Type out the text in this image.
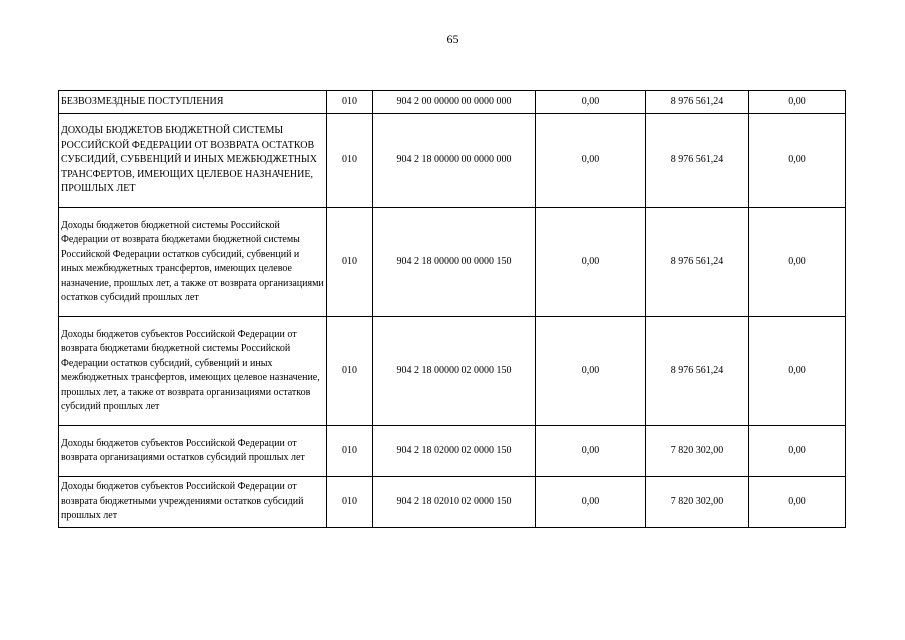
65
БЕЗВОЗМЕЗДНЫЕ ПОСТУПЛЕНИЯ	010	904 2 00 00000 00 0000 000	0,00	8 976 561,24	0,00
ДОХОДЫ БЮДЖЕТОВ БЮДЖЕТНОЙ СИСТЕМЫ РОССИЙСКОЙ ФЕДЕРАЦИИ ОТ ВОЗВРАТА ОСТАТКОВ СУБСИДИЙ, СУБВЕНЦИЙ И ИНЫХ МЕЖБЮДЖЕТНЫХ ТРАНСФЕРТОВ, ИМЕЮЩИХ ЦЕЛЕВОЕ НАЗНАЧЕНИЕ, ПРОШЛЫХ ЛЕТ	010	904 2 18 00000 00 0000 000	0,00	8 976 561,24	0,00
Доходы бюджетов бюджетной системы Российской Федерации от возврата бюджетами бюджетной системы Российской Федерации остатков субсидий, субвенций и иных межбюджетных трансфертов, имеющих целевое назначение, прошлых лет, а также от возврата организациями остатков субсидий прошлых лет	010	904 2 18 00000 00 0000 150	0,00	8 976 561,24	0,00
Доходы бюджетов субъектов Российской Федерации от возврата бюджетами бюджетной системы Российской Федерации остатков субсидий, субвенций и иных межбюджетных трансфертов, имеющих целевое назначение, прошлых лет, а также от возврата организациями остатков субсидий прошлых лет	010	904 2 18 00000 02 0000 150	0,00	8 976 561,24	0,00
Доходы бюджетов субъектов Российской Федерации от возврата организациями остатков субсидий прошлых лет	010	904 2 18 02000 02 0000 150	0,00	7 820 302,00	0,00
Доходы бюджетов субъектов Российской Федерации от возврата бюджетными учреждениями остатков субсидий прошлых лет	010	904 2 18 02010 02 0000 150	0,00	7 820 302,00	0,00
